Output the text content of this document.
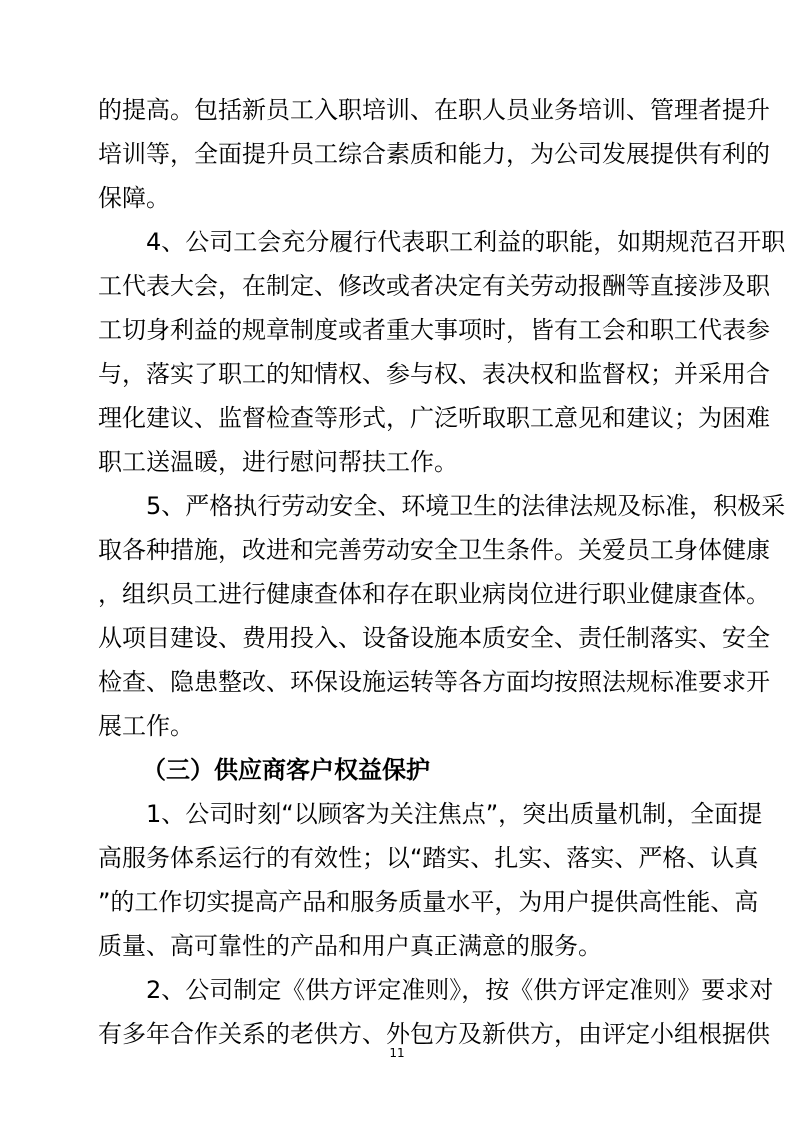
的提高。包括新员工入职培训、在职人员业务培训、管理者提升
培训等，全面提升员工综合素质和能力，为公司发展提供有利的
保障。
4、公司工会充分履行代表职工利益的职能，如期规范召开职
工代表大会，在制定、修改或者决定有关劳动报酬等直接涉及职
工切身利益的规章制度或者重大事项时，皆有工会和职工代表参
与，落实了职工的知情权、参与权、表决权和监督权；并采用合
理化建议、监督检查等形式，广泛听取职工意见和建议；为困难
职工送温暖，进行慰问帮扶工作。
5、严格执行劳动安全、环境卫生的法律法规及标准，积极采
取各种措施，改进和完善劳动安全卫生条件。关爱员工身体健康
，组织员工进行健康查体和存在职业病岗位进行职业健康查体。
从项目建设、费用投入、设备设施本质安全、责任制落实、安全
检查、隐患整改、环保设施运转等各方面均按照法规标准要求开
展工作。
（三）供应商客户权益保护
1、公司时刻“以顾客为关注焦点”，突出质量机制，全面提
高服务体系运行的有效性；以“踏实、扎实、落实、严格、认真
”的工作切实提高产品和服务质量水平，为用户提供高性能、高
质量、高可靠性的产品和用户真正满意的服务。
2、公司制定《供方评定准则》，按《供方评定准则》要求对
有多年合作关系的老供方、外包方及新供方，由评定小组根据供
11
